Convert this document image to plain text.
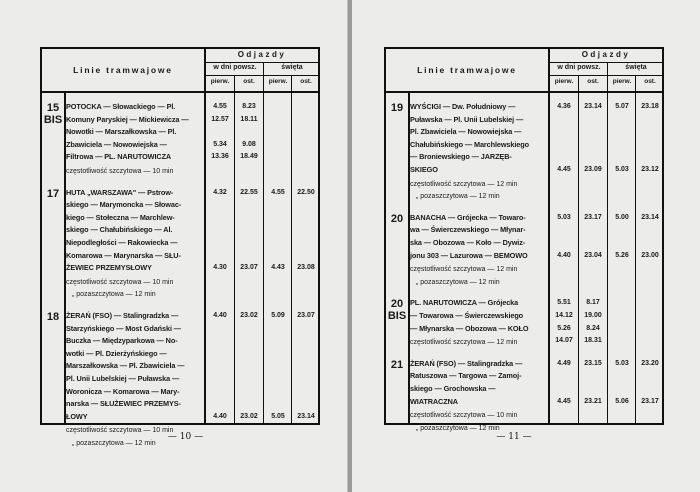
Linie tramwajowe
Odjazdy
w dni powsz.	święta
pierw.	ost.	pierw.	ost.
15
BIS
POTOCKA — Słowackiego — Pl.
Komuny Paryskiej — Mickiewicza —
Nowotki — Marszałkowska — Pl.
Zbawiciela — Nowowiejska —
Filtrowa — PL. NARUTOWICZA
4.55	8.23
12.57	18.11
5.34	9.08
13.36	18.49
częstotliwość szczytowa — 10 min
17 HUTA „WARSZAWA" — Pstrow-
skiego — Marymoncka — Słowac-
kiego — Stołeczna — Marchlew-
skiego — Chałubińskiego — Al.
Niepodległości — Rakowiecka —
Komarowa — Marynarska — SŁU-
ŻEWIEC PRZEMYSŁOWY
4.32	22.55	4.55	22.50
4.30	23.07	4.43	23.08
częstotliwość szczytowa — 10 min
„ pozaszczytowa — 12 min
18 ŻERAŃ (FSO) — Stalingradzka —
Starzyńskiego — Most Gdański —
Buczka — Międzyparkowa — No-
wotki — Pl. Dzierżyńskiego —
Marszałkowska — Pl. Zbawiciela —
Pl. Unii Lubelskiej — Puławska —
Woronicza — Komarowa — Mary-
narska — SŁUŻEWIEC PRZEMYS-
ŁOWY
4.40	23.02	5.09	23.07
4.40	23.02	5.05	23.14
częstotliwość szczytowa — 10 min
„ pozaszczytowa — 12 min
— 10 —
Linie tramwajowe
Odjazdy
w dni powsz.	święta
pierw.	ost.	pierw.	ost.
19 WYŚCIGI — Dw. Południowy —
Puławska — Pl. Unii Lubelskiej —
Pl. Zbawiciela — Nowowiejska —
Chałubińskiego — Marchlewskiego
— Broniewskiego — JARZĘB-
SKIEGO
4.36	23.14	5.07	23.18
4.45	23.09	5.03	23.12
częstotliwość szczytowa — 12 min
„ pozaszczytowa — 12 min
20 BANACHA — Grójecka — Towaro-
wa — Świerczewskiego — Młynar-
ska — Obozowa — Koło — Dywiz-
jonu 303 — Lazurowa — BEMOWO
5.03	23.17	5.00	23.14
4.40	23.04	5.26	23.00
częstotliwość szczytowa — 12 min
„ pozaszczytowa — 12 min
20
BIS
PL. NARUTOWICZA — Grójecka
— Towarowa — Świerczewskiego
— Młynarska — Obozowa — KOŁO
5.51	8.17
14.12	19.00
5.26	8.24
14.07	18.31
częstotliwość szczytowa — 12 min
21 ŻERAŃ (FSO) — Stalingradzka —
Ratuszowa — Targowa — Zamoj-
skiego — Grochowska —
WIATRACZNA
4.49	23.15	5.03	23.20
4.45	23.21	5.06	23.17
częstotliwość szczytowa — 10 min
„ pozaszczytowa — 12 min
— 11 —
